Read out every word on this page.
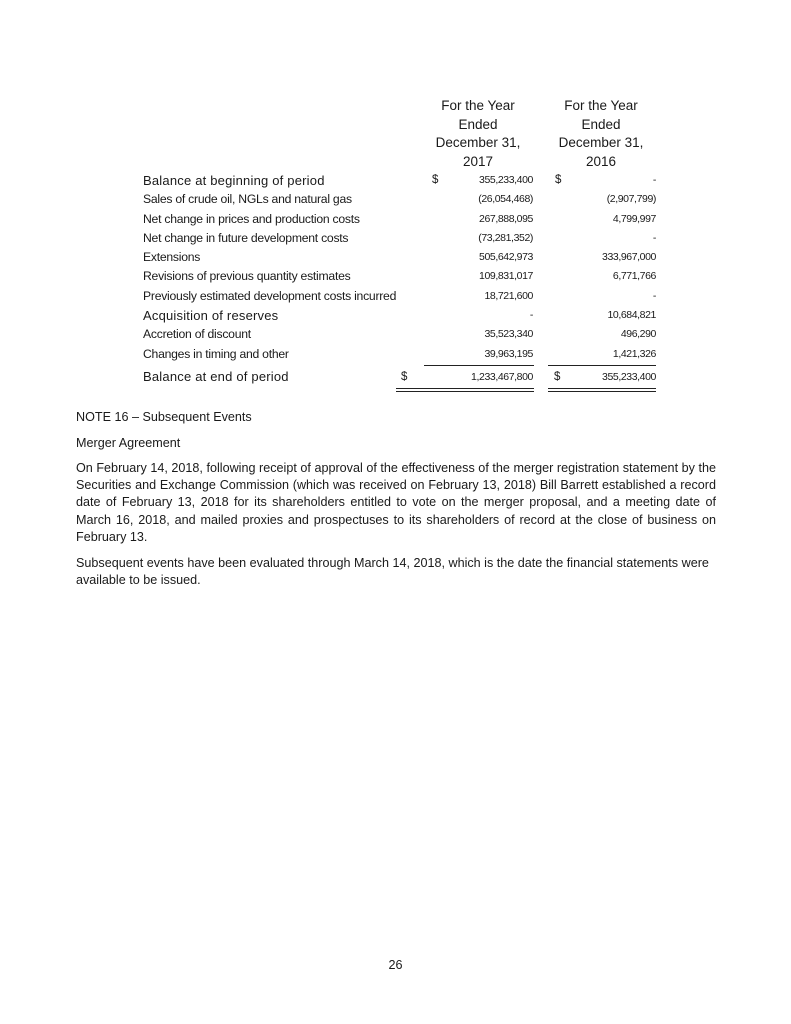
For the Year
Ended
December 31,
2017
For the Year
Ended
December 31,
2016
Balance at beginning of period	$	355,233,400 $	-
Sales of crude oil, NGLs and natural gas	(26,054,468)	(2,907,799)
Net change in prices and production costs	267,888,095	4,799,997
Net change in future development costs	(73,281,352)	-
Extensions	505,642,973	333,967,000
Revisions of previous quantity estimates	109,831,017	6,771,766
Previously estimated development costs incurred	18,721,600	-
Acquisition of reserves	-	10,684,821
Accretion of discount	35,523,340	496,290
Changes in timing and other	39,963,195	1,421,326
Balance at end of period	$	1,233,467,800 $	355,233,400
NOTE 16 – Subsequent Events
Merger Agreement
On February 14, 2018, following receipt of approval of the effectiveness of the merger registration statement by the Securities and Exchange Commission (which was received on February 13, 2018) Bill Barrett established a record date of February 13, 2018 for its shareholders entitled to vote on the merger proposal, and a meeting date of March 16, 2018, and mailed proxies and prospectuses to its shareholders of record at the close of business on February 13.
Subsequent events have been evaluated through March 14, 2018, which is the date the financial statements were available to be issued.
26
